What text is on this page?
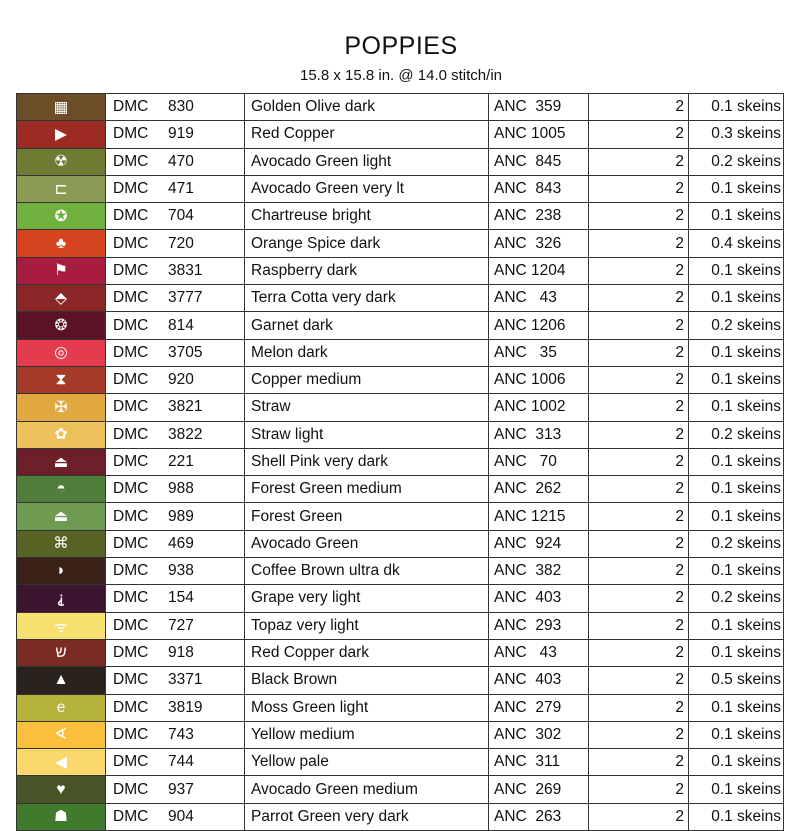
POPPIES
15.8 x 15.8 in. @ 14.0 stitch/in
▦	DMC	830	Golden Olive dark	ANC  359	2	0.1 skeins
▶	DMC	919	Red Copper	ANC 1005	2	0.3 skeins
☢	DMC	470	Avocado Green light	ANC  845	2	0.2 skeins
⊏	DMC	471	Avocado Green very lt	ANC  843	2	0.1 skeins
✪	DMC	704	Chartreuse bright	ANC  238	2	0.1 skeins
♣	DMC	720	Orange Spice dark	ANC  326	2	0.4 skeins
⚑	DMC	3831	Raspberry dark	ANC 1204	2	0.1 skeins
⬘	DMC	3777	Terra Cotta very dark	ANC   43	2	0.1 skeins
❂	DMC	814	Garnet dark	ANC 1206	2	0.2 skeins
◎	DMC	3705	Melon dark	ANC   35	2	0.1 skeins
⧗	DMC	920	Copper medium	ANC 1006	2	0.1 skeins
✠	DMC	3821	Straw	ANC 1002	2	0.1 skeins
✿	DMC	3822	Straw light	ANC  313	2	0.2 skeins
⏏	DMC	221	Shell Pink very dark	ANC   70	2	0.1 skeins
◓	DMC	988	Forest Green medium	ANC  262	2	0.1 skeins
⏏	DMC	989	Forest Green	ANC 1215	2	0.1 skeins
⌘	DMC	469	Avocado Green	ANC  924	2	0.2 skeins
◗	DMC	938	Coffee Brown ultra dk	ANC  382	2	0.1 skeins
⸘	DMC	154	Grape very light	ANC  403	2	0.2 skeins
ᯤ	DMC	727	Topaz very light	ANC  293	2	0.1 skeins
ש	DMC	918	Red Copper dark	ANC   43	2	0.1 skeins
▲	DMC	3371	Black Brown	ANC  403	2	0.5 skeins
e	DMC	3819	Moss Green light	ANC  279	2	0.1 skeins
∢	DMC	743	Yellow medium	ANC  302	2	0.1 skeins
◀	DMC	744	Yellow pale	ANC  311	2	0.1 skeins
♥	DMC	937	Avocado Green medium	ANC  269	2	0.1 skeins
☗	DMC	904	Parrot Green very dark	ANC  263	2	0.1 skeins
